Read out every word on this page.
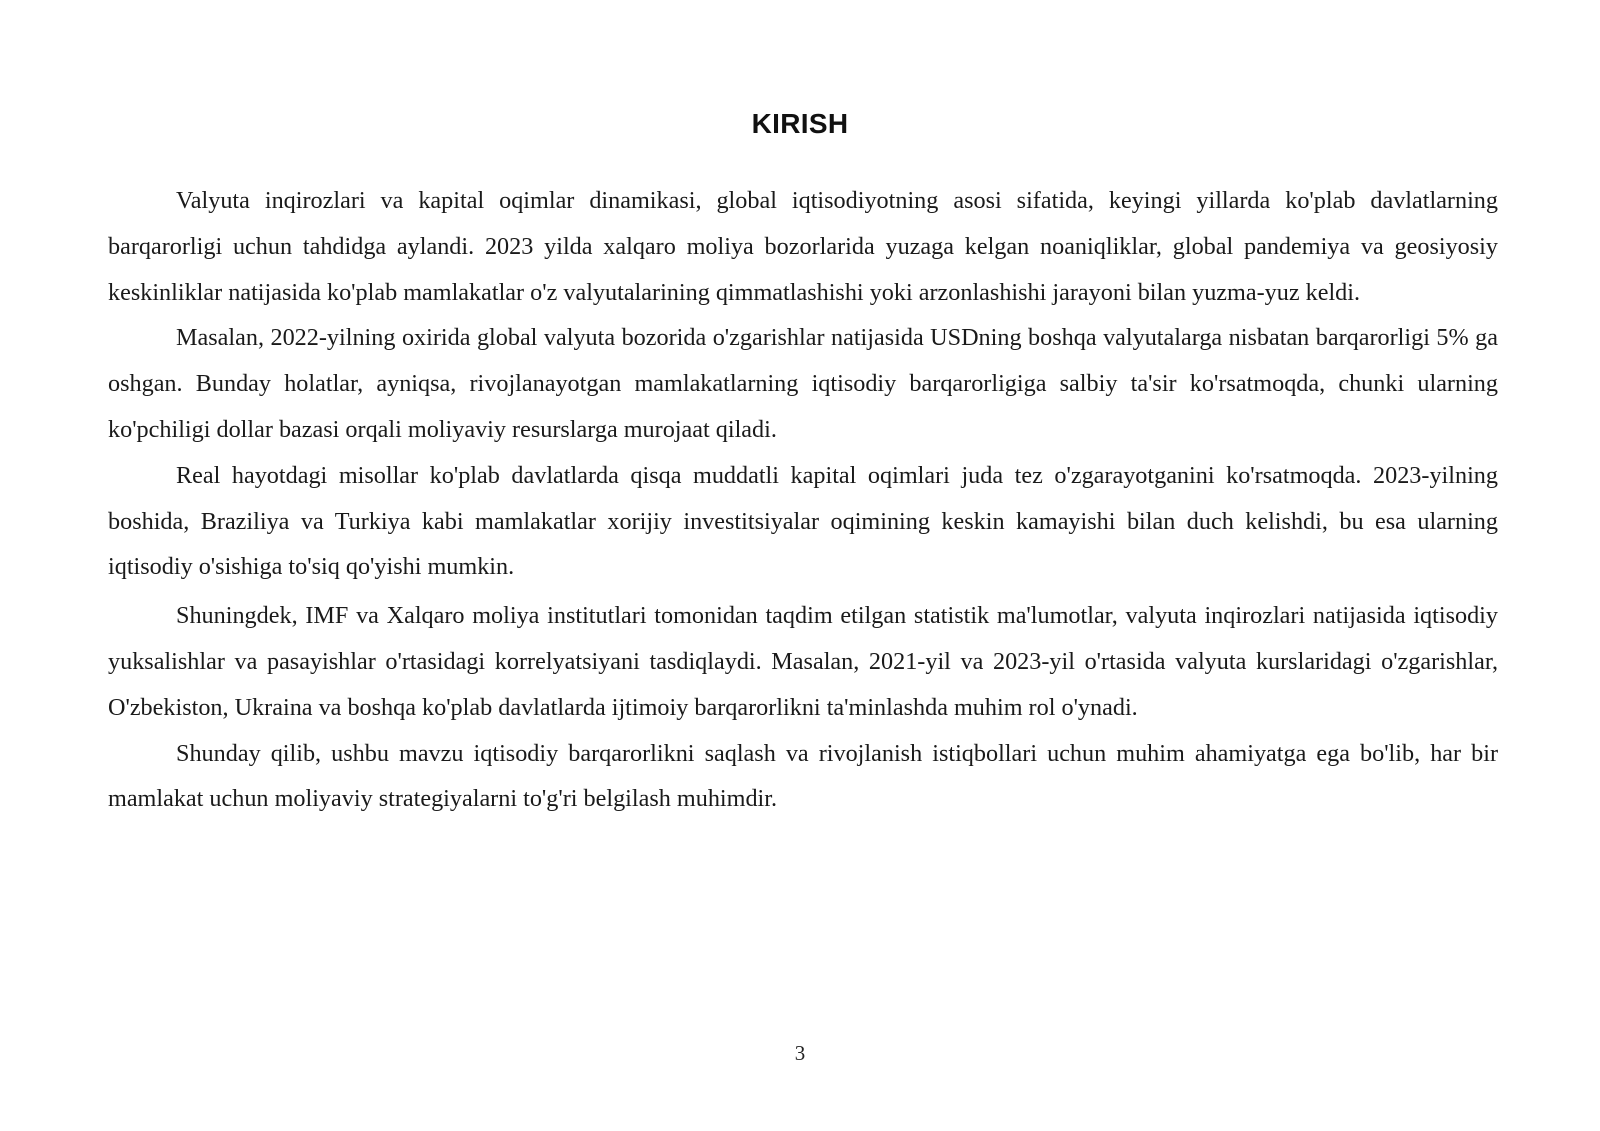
KIRISH

Valyuta inqirozlari va kapital oqimlar dinamikasi, global iqtisodiyotning asosi sifatida, keyingi yillarda ko'plab davlatlarning barqarorligi uchun tahdidga aylandi. 2023 yilda xalqaro moliya bozorlarida yuzaga kelgan noaniqliklar, global pandemiya va geosiyosiy keskinliklar natijasida ko'plab mamlakatlar o'z valyutalarining qimmatlashishi yoki arzonlashishi jarayoni bilan yuzma-yuz keldi.

Masalan, 2022-yilning oxirida global valyuta bozorida o'zgarishlar natijasida USDning boshqa valyutalarga nisbatan barqarorligi 5% ga oshgan. Bunday holatlar, ayniqsa, rivojlanayotgan mamlakatlarning iqtisodiy barqarorligiga salbiy ta'sir ko'rsatmoqda, chunki ularning ko'pchiligi dollar bazasi orqali moliyaviy resurslarga murojaat qiladi.

Real hayotdagi misollar ko'plab davlatlarda qisqa muddatli kapital oqimlari juda tez o'zgarayotganini ko'rsatmoqda. 2023-yilning boshida, Braziliya va Turkiya kabi mamlakatlar xorijiy investitsiyalar oqimining keskin kamayishi bilan duch kelishdi, bu esa ularning iqtisodiy o'sishiga to'siq qo'yishi mumkin.

Shuningdek, IMF va Xalqaro moliya institutlari tomonidan taqdim etilgan statistik ma'lumotlar, valyuta inqirozlari natijasida iqtisodiy yuksalishlar va pasayishlar o'rtasidagi korrelyatsiyani tasdiqlaydi. Masalan, 2021-yil va 2023-yil o'rtasida valyuta kurslaridagi o'zgarishlar, O'zbekiston, Ukraina va boshqa ko'plab davlatlarda ijtimoiy barqarorlikni ta'minlashda muhim rol o'ynadi.

Shunday qilib, ushbu mavzu iqtisodiy barqarorlikni saqlash va rivojlanish istiqbollari uchun muhim ahamiyatga ega bo'lib, har bir mamlakat uchun moliyaviy strategiyalarni to'g'ri belgilash muhimdir.

3
